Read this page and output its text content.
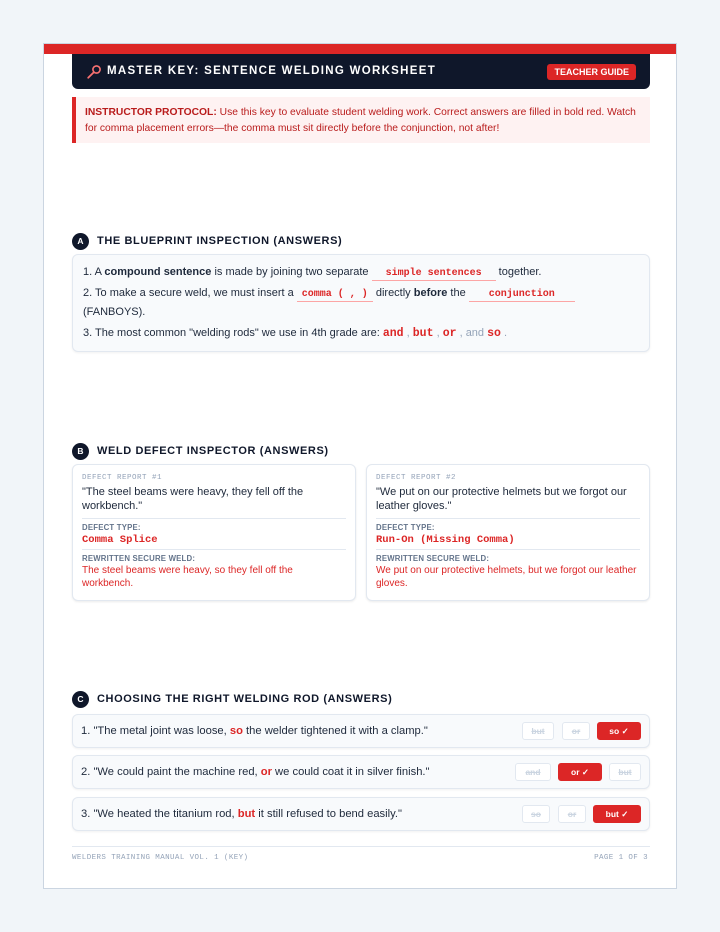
MASTER KEY: SENTENCE WELDING WORKSHEET	TEACHER GUIDE
INSTRUCTOR PROTOCOL: Use this key to evaluate student welding work. Correct answers are filled in bold red. Watch for comma placement errors—the comma must sit directly before the conjunction, not after!
A	THE BLUEPRINT INSPECTION (ANSWERS)
1. A compound sentence is made by joining two separate simple sentences together.
2. To make a secure weld, we must insert a comma ( , ) directly before the conjunction
(FANBOYS).
3. The most common "welding rods" we use in 4th grade are: and , but , or , and so .
B	WELD DEFECT INSPECTOR (ANSWERS)
DEFECT REPORT #1
"The steel beams were heavy, they fell off the workbench."
DEFECT TYPE:
Comma Splice
REWRITTEN SECURE WELD:
The steel beams were heavy, so they fell off the workbench.
DEFECT REPORT #2
"We put on our protective helmets but we forgot our leather gloves."
DEFECT TYPE:
Run-On (Missing Comma)
REWRITTEN SECURE WELD:
We put on our protective helmets, but we forgot our leather gloves.
C	CHOOSING THE RIGHT WELDING ROD (ANSWERS)
1. "The metal joint was loose, so the welder tightened it with a clamp."	but	or	so ✓
2. "We could paint the machine red, or we could coat it in silver finish."	and	or ✓	but
3. "We heated the titanium rod, but it still refused to bend easily."	so	or	but ✓
WELDERS TRAINING MANUAL VOL. 1 (KEY)	PAGE 1 OF 3
